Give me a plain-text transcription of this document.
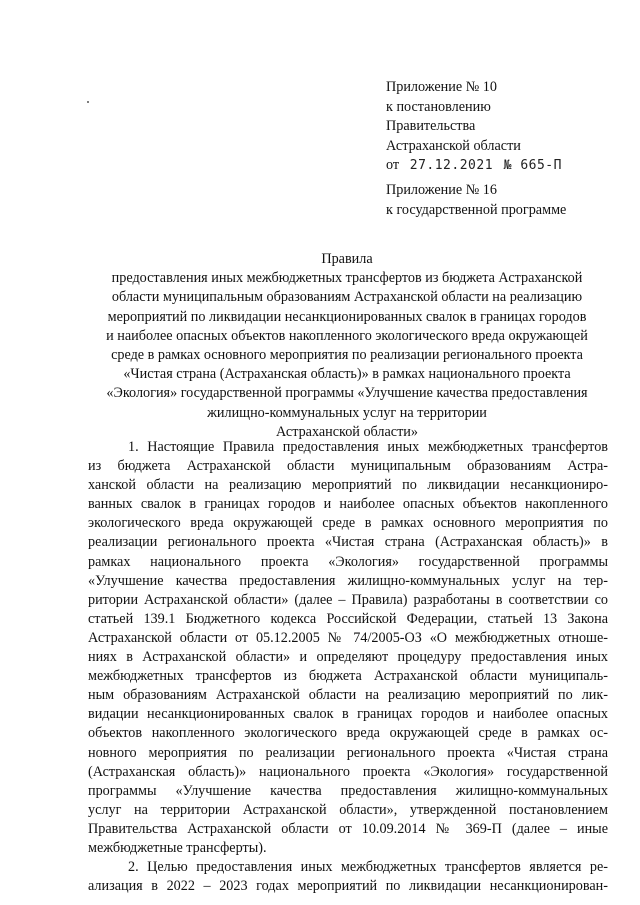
Приложение № 10
к постановлению
Правительства
Астраханской области
от 27.12.2021 № 665-П
Приложение № 16
к государственной программе
Правила
предоставления иных межбюджетных трансфертов из бюджета Астраханской
области муниципальным образованиям Астраханской области на реализацию
мероприятий по ликвидации несанкционированных свалок в границах городов
и наиболее опасных объектов накопленного экологического вреда окружающей
среде в рамках основного мероприятия по реализации регионального проекта
«Чистая страна (Астраханская область)» в рамках национального проекта
«Экология» государственной программы «Улучшение качества предоставления
жилищно-коммунальных услуг на территории
Астраханской области»
1. Настоящие Правила предоставления иных межбюджетных трансфертов
из бюджета Астраханской области муниципальным образованиям Астра-
ханской области на реализацию мероприятий по ликвидации несанкциониро-
ванных свалок в границах городов и наиболее опасных объектов накопленного
экологического вреда окружающей среде в рамках основного мероприятия по
реализации регионального проекта «Чистая страна (Астраханская область)» в
рамках национального проекта «Экология» государственной программы
«Улучшение качества предоставления жилищно-коммунальных услуг на тер-
ритории Астраханской области» (далее – Правила) разработаны в соответствии со
статьей 139.1 Бюджетного кодекса Российской Федерации, статьей 13 Закона
Астраханской области от 05.12.2005 № 74/2005-ОЗ «О межбюджетных отноше-
ниях в Астраханской области» и определяют процедуру предоставления иных
межбюджетных трансфертов из бюджета Астраханской области муниципаль-
ным образованиям Астраханской области на реализацию мероприятий по лик-
видации несанкционированных свалок в границах городов и наиболее опасных
объектов накопленного экологического вреда окружающей среде в рамках ос-
новного мероприятия по реализации регионального проекта «Чистая страна
(Астраханская область)» национального проекта «Экология» государственной
программы «Улучшение качества предоставления жилищно-коммунальных
услуг на территории Астраханской области», утвержденной постановлением
Правительства Астраханской области от 10.09.2014 № 369-П (далее – иные
межбюджетные трансферты).
2. Целью предоставления иных межбюджетных трансфертов является ре-
ализация в 2022 – 2023 годах мероприятий по ликвидации несанкционирован-
